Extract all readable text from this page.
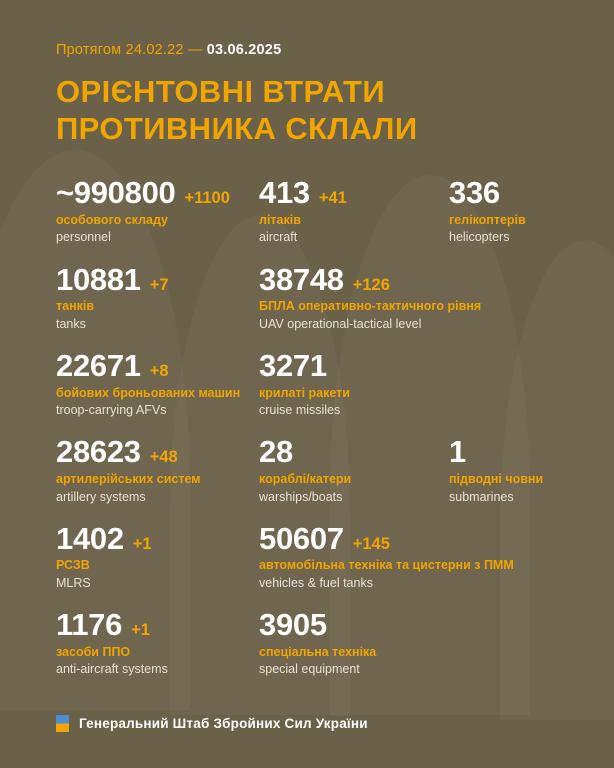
Протягом 24.02.22 — 03.06.2025
ОРІЄНТОВНІ ВТРАТИ
ПРОТИВНИКА СКЛАЛИ
~990800 +1100
особового складу
personnel
10881 +7
танків
tanks
22671 +8
бойових броньованих машин
troop-carrying AFVs
28623 +48
артилерійських систем
artillery systems
1402 +1
РСЗВ
MLRS
1176 +1
засоби ППО
anti-aircraft systems
413 +41
літаків
aircraft
336
гелікоптерів
helicopters
38748 +126
БПЛА оперативно-тактичного рівня
UAV operational-tactical level
3271
крилаті ракети
cruise missiles
28
кораблі/катери
warships/boats
1
підводні човни
submarines
50607 +145
автомобільна техніка та цистерни з ПММ
vehicles & fuel tanks
3905
спеціальна техніка
special equipment
Генеральний Штаб Збройних Сил України
